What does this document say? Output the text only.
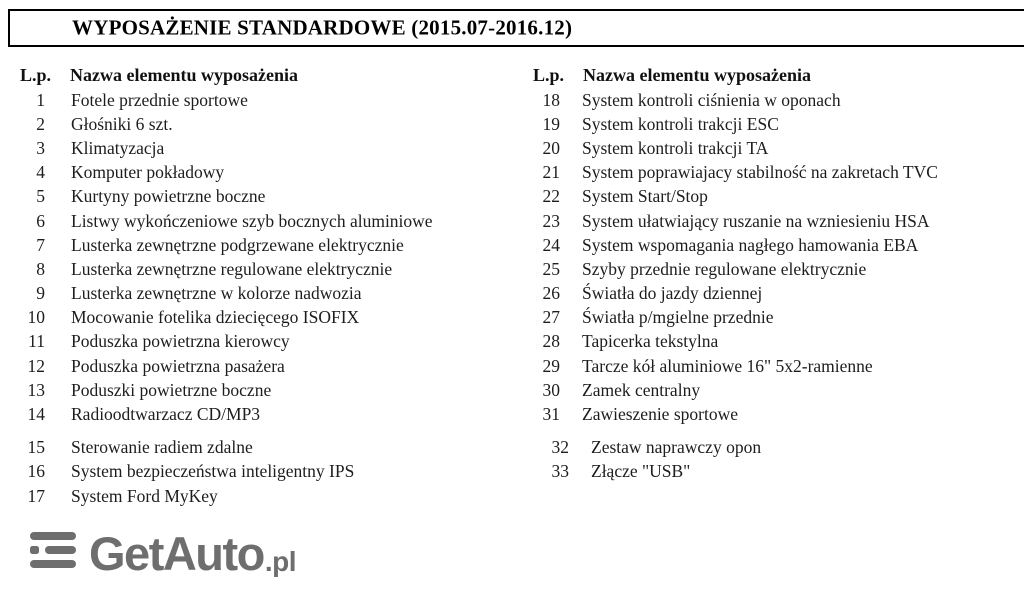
WYPOSAŻENIE STANDARDOWE (2015.07-2016.12)
L.p.	Nazwa elementu wyposażenia
1 Fotele przednie sportowe
2 Głośniki 6 szt.
3 Klimatyzacja
4 Komputer pokładowy
5 Kurtyny powietrzne boczne
6 Listwy wykończeniowe szyb bocznych aluminiowe
7 Lusterka zewnętrzne podgrzewane elektrycznie
8 Lusterka zewnętrzne regulowane elektrycznie
9 Lusterka zewnętrzne w kolorze nadwozia
10 Mocowanie fotelika dziecięcego ISOFIX
11 Poduszka powietrzna kierowcy
12 Poduszka powietrzna pasażera
13 Poduszki powietrzne boczne
14 Radioodtwarzacz CD/MP3
15 Sterowanie radiem zdalne
16 System bezpieczeństwa inteligentny IPS
17 System Ford MyKey
L.p.	Nazwa elementu wyposażenia
18 System kontroli ciśnienia w oponach
19 System kontroli trakcji ESC
20 System kontroli trakcji TA
21 System poprawiajacy stabilność na zakretach TVC
22 System Start/Stop
23 System ułatwiający ruszanie na wzniesieniu HSA
24 System wspomagania nagłego hamowania EBA
25 Szyby przednie regulowane elektrycznie
26 Światła do jazdy dziennej
27 Światła p/mgielne przednie
28 Tapicerka tekstylna
29 Tarcze kół aluminiowe 16" 5x2-ramienne
30 Zamek centralny
31 Zawieszenie sportowe
32 Zestaw naprawczy opon
33 Złącze "USB"
GetAuto .pl
